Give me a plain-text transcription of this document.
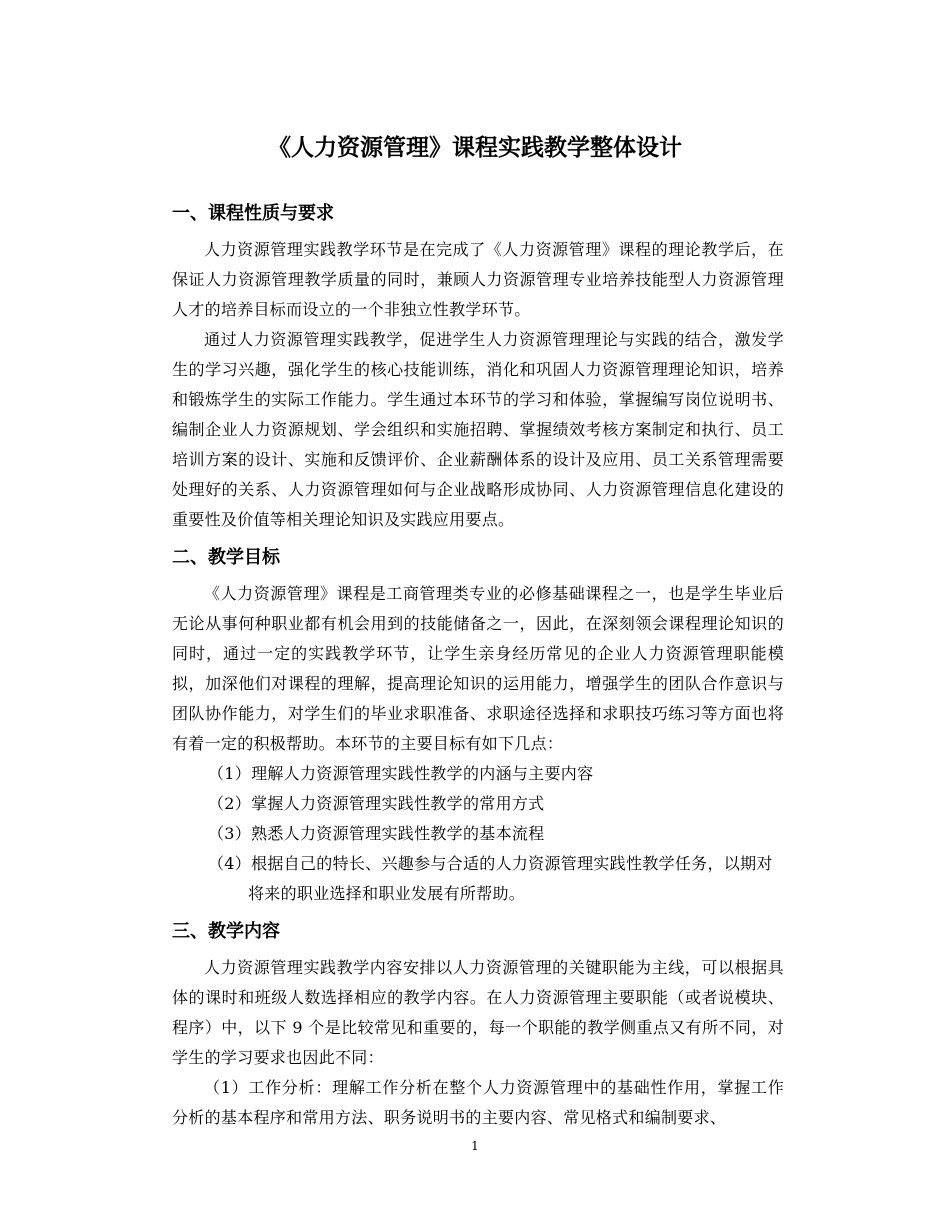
《人力资源管理》课程实践教学整体设计
一、课程性质与要求

人力资源管理实践教学环节是在完成了《人力资源管理》课程的理论教学后，在保证人力资源管理教学质量的同时，兼顾人力资源管理专业培养技能型人力资源管理人才的培养目标而设立的一个非独立性教学环节。

通过人力资源管理实践教学，促进学生人力资源管理理论与实践的结合，激发学生的学习兴趣，强化学生的核心技能训练，消化和巩固人力资源管理理论知识，培养和锻炼学生的实际工作能力。学生通过本环节的学习和体验，掌握编写岗位说明书、编制企业人力资源规划、学会组织和实施招聘、掌握绩效考核方案制定和执行、员工培训方案的设计、实施和反馈评价、企业薪酬体系的设计及应用、员工关系管理需要处理好的关系、人力资源管理如何与企业战略形成协同、人力资源管理信息化建设的重要性及价值等相关理论知识及实践应用要点。

二、教学目标

《人力资源管理》课程是工商管理类专业的必修基础课程之一，也是学生毕业后无论从事何种职业都有机会用到的技能储备之一，因此，在深刻领会课程理论知识的同时，通过一定的实践教学环节，让学生亲身经历常见的企业人力资源管理职能模拟，加深他们对课程的理解，提高理论知识的运用能力，增强学生的团队合作意识与团队协作能力，对学生们的毕业求职准备、求职途径选择和求职技巧练习等方面也将有着一定的积极帮助。本环节的主要目标有如下几点：

（1）理解人力资源管理实践性教学的内涵与主要内容
（2）掌握人力资源管理实践性教学的常用方式
（3）熟悉人力资源管理实践性教学的基本流程
（4）根据自己的特长、兴趣参与合适的人力资源管理实践性教学任务，以期对将来的职业选择和职业发展有所帮助。
三、教学内容

人力资源管理实践教学内容安排以人力资源管理的关键职能为主线，可以根据具体的课时和班级人数选择相应的教学内容。在人力资源管理主要职能（或者说模块、程序）中，以下 9 个是比较常见和重要的，每一个职能的教学侧重点又有所不同，对学生的学习要求也因此不同：

（1）工作分析：理解工作分析在整个人力资源管理中的基础性作用，掌握工作分析的基本程序和常用方法、职务说明书的主要内容、常见格式和编制要求、

1
